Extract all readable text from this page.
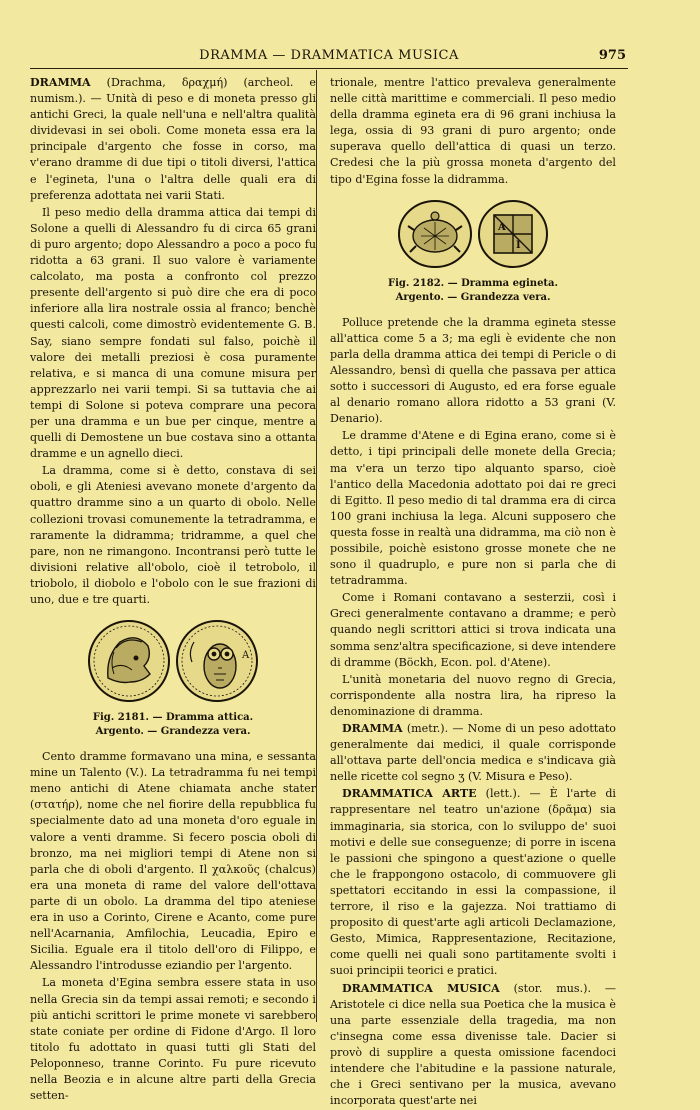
DRAMMA — DRAMMATICA MUSICA	975

DRAMMA (Drachma, δραχμή) (archeol. e numism.). — Unità di peso e di moneta presso gli antichi Greci, la quale nell'una e nell'altra qualità dividevasi in sei oboli. Come moneta essa era la principale d'argento che fosse in corso, ma v'erano dramme di due tipi o titoli diversi, l'attica e l'egineta, l'una o l'altra delle quali era di preferenza adottata nei varii Stati.

Il peso medio della dramma attica dai tempi di Solone a quelli di Alessandro fu di circa 65 grani di puro argento; dopo Alessandro a poco a poco fu ridotta a 63 grani. Il suo valore è variamente calcolato, ma posta a confronto col prezzo presente dell'argento si può dire che era di poco inferiore alla lira nostrale ossia al franco; benchè questi calcoli, come dimostrò evidentemente G. B. Say, siano sempre fondati sul falso, poichè il valore dei metalli preziosi è cosa puramente relativa, e si manca di una comune misura per apprezzarlo nei varii tempi. Si sa tuttavia che ai tempi di Solone si poteva comprare una pecora per una dramma e un bue per cinque, mentre a quelli di Demostene un bue costava sino a ottanta dramme e un agnello dieci.

La dramma, come si è detto, constava di sei oboli, e gli Ateniesi avevano monete d'argento da quattro dramme sino a un quarto di obolo. Nelle collezioni trovasi comunemente la tetradramma, e raramente la didramma; tridramme, a quel che pare, non ne rimangono. Incontransi però tutte le divisioni relative all'obolo, cioè il tetrobolo, il triobolo, il diobolo e l'obolo con le sue frazioni di uno, due e tre quarti.

A
Fig. 2181. — Dramma attica.
Argento. — Grandezza vera.

Cento dramme formavano una mina, e sessanta mine un Talento (V.). La tetradramma fu nei tempi meno antichi di Atene chiamata anche stater (στατήρ), nome che nel fiorire della repubblica fu specialmente dato ad una moneta d'oro eguale in valore a venti dramme. Si fecero poscia oboli di bronzo, ma nei migliori tempi di Atene non si parla che di oboli d'argento. Il χαλκοῦς (chalcus) era una moneta di rame del valore dell'ottava parte di un obolo. La dramma del tipo ateniese era in uso a Corinto, Cirene e Acanto, come pure nell'Acarnania, Amfilochia, Leucadia, Epiro e Sicilia. Eguale era il titolo dell'oro di Filippo, e Alessandro l'introdusse eziandio per l'argento.

La moneta d'Egina sembra essere stata in uso nella Grecia sin da tempi assai remoti; e secondo i più antichi scrittori le prime monete vi sarebbero state coniate per ordine di Fidone d'Argo. Il loro titolo fu adottato in quasi tutti gli Stati del Peloponneso, tranne Corinto. Fu pure ricevuto nella Beozia e in alcune altre parti della Grecia setten-

trionale, mentre l'attico prevaleva generalmente nelle città marittime e commerciali. Il peso medio della dramma egineta era di 96 grani inchiusa la lega, ossia di 93 grani di puro argento; onde superava quello dell'attica di quasi un terzo. Credesi che la più grossa moneta d'argento del tipo d'Egina fosse la didramma.

A
I
Fig. 2182. — Dramma egineta.
Argento. — Grandezza vera.

Polluce pretende che la dramma egineta stesse all'attica come 5 a 3; ma egli è evidente che non parla della dramma attica dei tempi di Pericle o di Alessandro, bensì di quella che passava per attica sotto i successori di Augusto, ed era forse eguale al denario romano allora ridotto a 53 grani (V. Denario).

Le dramme d'Atene e di Egina erano, come si è detto, i tipi principali delle monete della Grecia; ma v'era un terzo tipo alquanto sparso, cioè l'antico della Macedonia adottato poi dai re greci di Egitto. Il peso medio di tal dramma era di circa 100 grani inchiusa la lega. Alcuni supposero che questa fosse in realtà una didramma, ma ciò non è possibile, poichè esistono grosse monete che ne sono il quadruplo, e pure non si parla che di tetradramma.

Come i Romani contavano a sesterzii, così i Greci generalmente contavano a dramme; e però quando negli scrittori attici si trova indicata una somma senz'altra specificazione, si deve intendere di dramme (Böckh, Econ. pol. d'Atene).

L'unità monetaria del nuovo regno di Grecia, corrispondente alla nostra lira, ha ripreso la denominazione di dramma.

DRAMMA (metr.). — Nome di un peso adottato generalmente dai medici, il quale corrisponde all'ottava parte dell'oncia medica e s'indicava già nelle ricette col segno ʒ (V. Misura e Peso).

DRAMMATICA ARTE (lett.). — È l'arte di rappresentare nel teatro un'azione (δρᾶμα) sia immaginaria, sia storica, con lo sviluppo de' suoi motivi e delle sue conseguenze; di porre in iscena le passioni che spingono a quest'azione o quelle che le frappongono ostacolo, di commuovere gli spettatori eccitando in essi la compassione, il terrore, il riso e la gajezza. Noi trattiamo di proposito di quest'arte agli articoli Declamazione, Gesto, Mimica, Rappresentazione, Recitazione, come quelli nei quali sono partitamente svolti i suoi principii teorici e pratici.

DRAMMATICA MUSICA (stor. mus.). — Aristotele ci dice nella sua Poetica che la musica è una parte essenziale della tragedia, ma non c'insegna come essa divenisse tale. Dacier si provò di supplire a questa omissione facendoci intendere che l'abitudine e la passione naturale, che i Greci sentivano per la musica, avevano incorporata quest'arte nei
